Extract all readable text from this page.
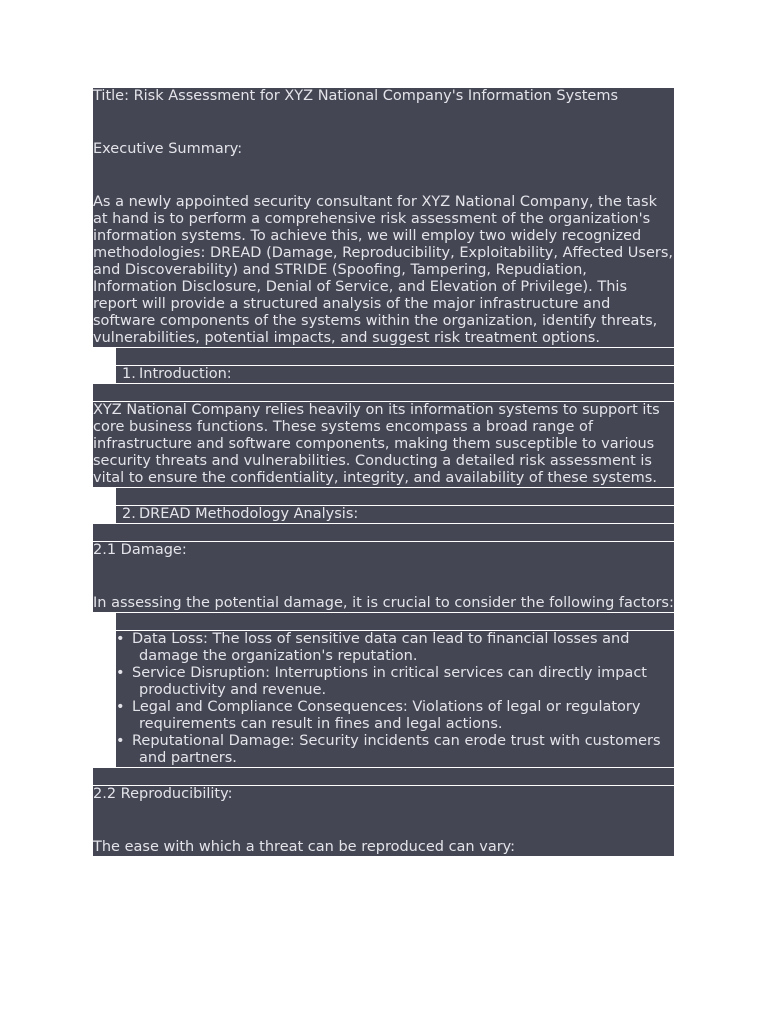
Title: Risk Assessment for XYZ National Company's Information Systems
Executive Summary:
As a newly appointed security consultant for XYZ National Company, the task at hand is to perform a comprehensive risk assessment of the organization's information systems. To achieve this, we will employ two widely recognized methodologies: DREAD (Damage, Reproducibility, Exploitability, Affected Users, and Discoverability) and STRIDE (Spoofing, Tampering, Repudiation, Information Disclosure, Denial of Service, and Elevation of Privilege). This report will provide a structured analysis of the major infrastructure and software components of the systems within the organization, identify threats, vulnerabilities, potential impacts, and suggest risk treatment options.
1. Introduction:
XYZ National Company relies heavily on its information systems to support its core business functions. These systems encompass a broad range of infrastructure and software components, making them susceptible to various security threats and vulnerabilities. Conducting a detailed risk assessment is vital to ensure the confidentiality, integrity, and availability of these systems.
2. DREAD Methodology Analysis:
2.1 Damage:
In assessing the potential damage, it is crucial to consider the following factors:
• Data Loss: The loss of sensitive data can lead to financial losses and damage the organization's reputation.
• Service Disruption: Interruptions in critical services can directly impact productivity and revenue.
• Legal and Compliance Consequences: Violations of legal or regulatory requirements can result in fines and legal actions.
• Reputational Damage: Security incidents can erode trust with customers and partners.
2.2 Reproducibility:
The ease with which a threat can be reproduced can vary:
